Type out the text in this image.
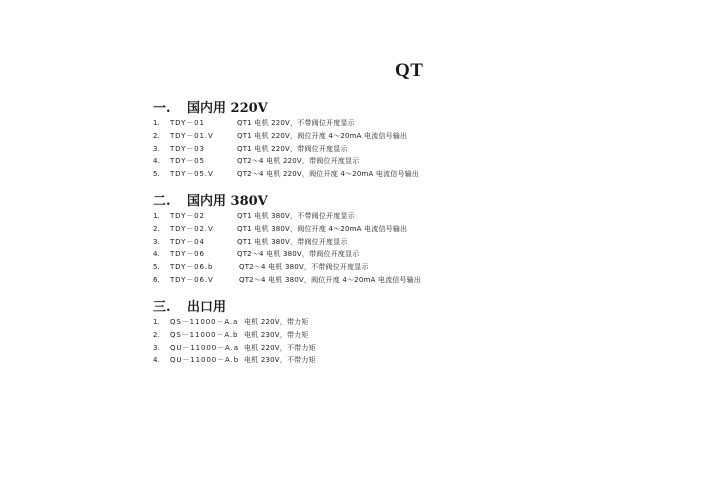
QT
一. 国内用 220V
1.	TDY－01	QT1 电机 220V，不带阀位开度显示
2.	TDY－01.V	QT1 电机 220V，阀位开度 4～20mA 电流信号输出
3.	TDY－03	QT1 电机 220V，带阀位开度显示
4.	TDY－05	QT2～4 电机 220V，带阀位开度显示
5.	TDY－05.V	QT2～4 电机 220V，阀位开度 4～20mA 电流信号输出
二. 国内用 380V
1.	TDY－02	QT1 电机 380V，不带阀位开度显示
2.	TDY－02.V	QT1 电机 380V，阀位开度 4～20mA 电流信号输出
3.	TDY－04	QT1 电机 380V，带阀位开度显示
4.	TDY－06	QT2～4 电机 380V，带阀位开度显示
5.	TDY－06.b	QT2～4 电机 380V，不带阀位开度显示
6.	TDY－06.V	QT2～4 电机 380V，阀位开度 4～20mA 电流信号输出
三. 出口用
1.	QS－11000－A.a 电机 220V，带力矩
2.	QS－11000－A.b 电机 230V，带力矩
3.	QU－11000－A.a 电机 220V，不带力矩
4.	QU－11000－A.b 电机 230V，不带力矩
